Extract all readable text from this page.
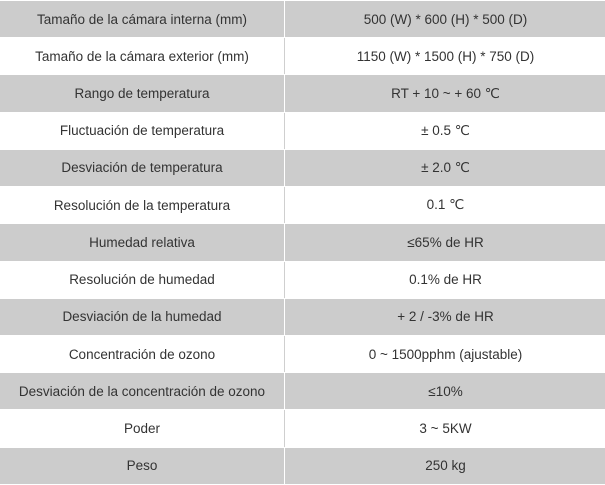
Tamaño de la cámara interna (mm)	500 (W) * 600 (H) * 500 (D)
Tamaño de la cámara exterior (mm)	1150 (W) * 1500 (H) * 750 (D)
Rango de temperatura	RT + 10 ~ + 60 ℃
Fluctuación de temperatura	± 0.5 ℃
Desviación de temperatura	± 2.0 ℃
Resolución de la temperatura	0.1 ℃
Humedad relativa	≤65% de HR
Resolución de humedad	0.1% de HR
Desviación de la humedad	+ 2 / -3% de HR
Concentración de ozono	0 ~ 1500pphm (ajustable)
Desviación de la concentración de ozono	≤10%
Poder	3 ~ 5KW
Peso	250 kg
